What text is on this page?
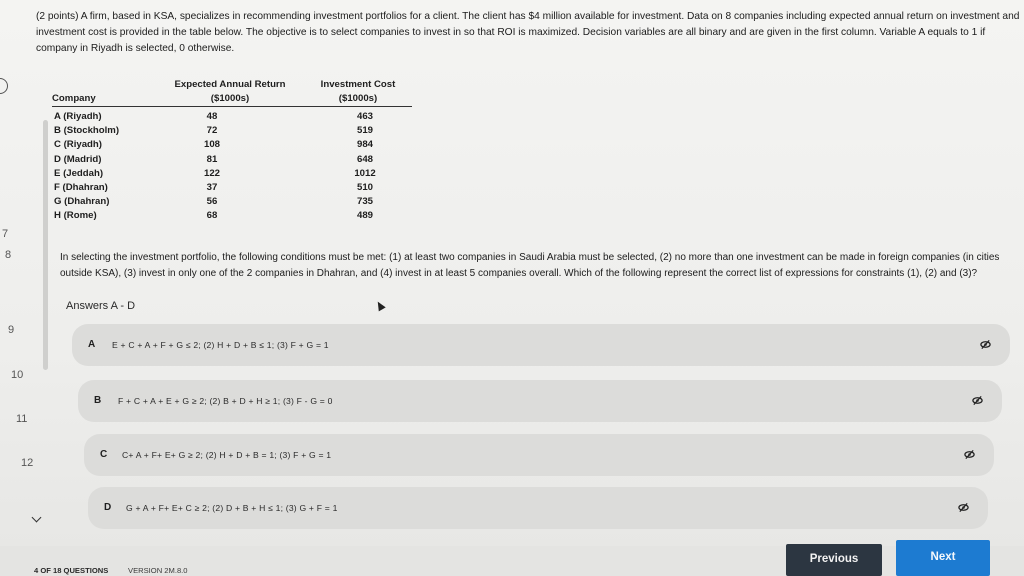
7
8
9
10
11
12

(2 points) A firm, based in KSA, specializes in recommending investment portfolios for a client. The client has $4 million available for investment. Data on 8 companies including expected annual return on investment and investment cost is provided in the table below. The objective is to select companies to invest in so that ROI is maximized. Decision variables are all binary and are given in the first column. Variable A equals to 1 if company in Riyadh is selected, 0 otherwise.

Company	Expected Annual Return ($1000s)	Investment Cost ($1000s)
A (Riyadh)	48	463
B (Stockholm)	72	519
C (Riyadh)	108	984
D (Madrid)	81	648
E (Jeddah)	122	1012
F (Dhahran)	37	510
G (Dhahran)	56	735
H (Rome)	68	489

In selecting the investment portfolio, the following conditions must be met: (1) at least two companies in Saudi Arabia must be selected, (2) no more than one investment can be made in foreign companies (in cities outside KSA), (3) invest in only one of the 2 companies in Dhahran, and (4) invest in at least 5 companies overall. Which of the following represent the correct list of expressions for constraints (1), (2) and (3)?

Answers A - D
A E + C + A + F + G ≤ 2; (2) H + D + B ≤ 1; (3) F + G = 1
B F + C + A + E + G ≥ 2; (2) B + D + H ≥ 1; (3) F - G = 0
C C+ A + F+ E+ G ≥ 2; (2) H + D + B = 1; (3) F + G = 1
D G + A + F+ E+ C ≥ 2; (2) D + B + H ≤ 1; (3) G + F = 1
4 OF 18 QUESTIONS	VERSION 2M.8.0
Previous	Next
